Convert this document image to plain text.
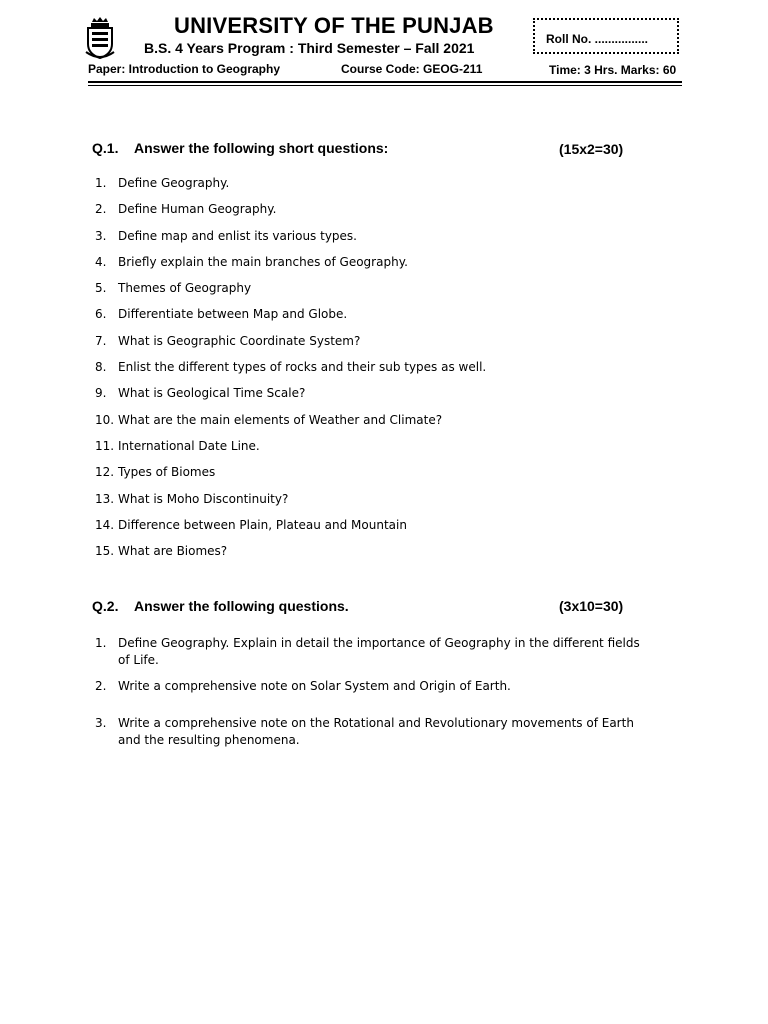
UNIVERSITY OF THE PUNJAB
B.S. 4 Years Program : Third Semester – Fall 2021
Roll No. ................
Paper: Introduction to Geography	Course Code: GEOG-211	Time: 3 Hrs. Marks: 60
Q.1. Answer the following short questions:	(15x2=30)
1. Define Geography.
2. Define Human Geography.
3. Define map and enlist its various types.
4. Briefly explain the main branches of Geography.
5. Themes of Geography
6. Differentiate between Map and Globe.
7. What is Geographic Coordinate System?
8. Enlist the different types of rocks and their sub types as well.
9. What is Geological Time Scale?
10. What are the main elements of Weather and Climate?
11. International Date Line.
12. Types of Biomes
13. What is Moho Discontinuity?
14. Difference between Plain, Plateau and Mountain
15. What are Biomes?
Q.2. Answer the following questions.	(3x10=30)
1. Define Geography. Explain in detail the importance of Geography in the different fields of Life.
2. Write a comprehensive note on Solar System and Origin of Earth.
3. Write a comprehensive note on the Rotational and Revolutionary movements of Earth and the resulting phenomena.
